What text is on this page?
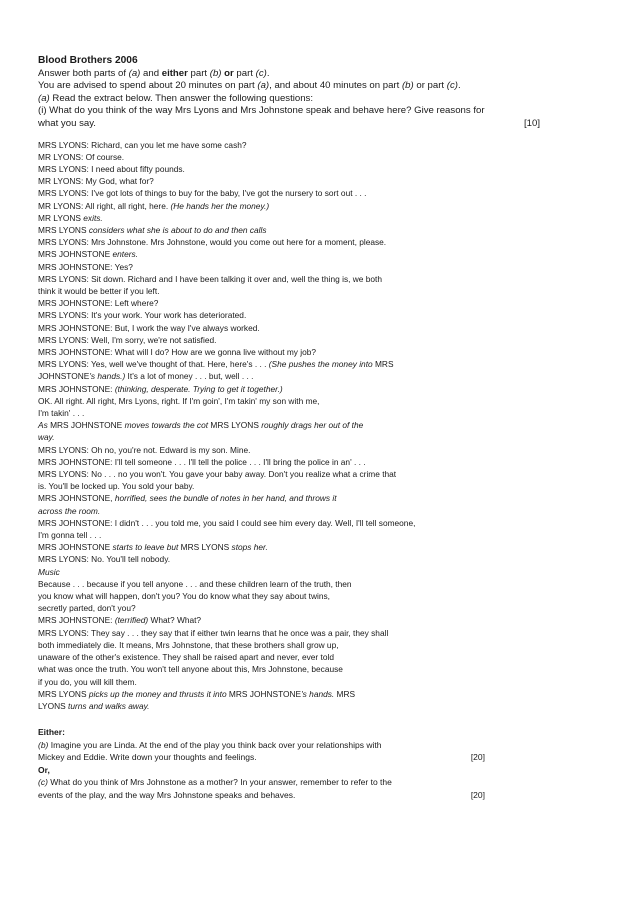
Blood Brothers 2006
Answer both parts of (a) and either part (b) or part (c).
You are advised to spend about 20 minutes on part (a), and about 40 minutes on part (b) or part (c).
(a) Read the extract below. Then answer the following questions:
(i) What do you think of the way Mrs Lyons and Mrs Johnstone speak and behave here? Give reasons for
what you say.	[10]
MRS LYONS: Richard, can you let me have some cash?
MR LYONS: Of course.
MRS LYONS: I need about fifty pounds.
MR LYONS: My God, what for?
MRS LYONS: I've got lots of things to buy for the baby, I've got the nursery to sort out . . .
MR LYONS: All right, all right, here. (He hands her the money.)
MR LYONS exits.
MRS LYONS considers what she is about to do and then calls
MRS LYONS: Mrs Johnstone. Mrs Johnstone, would you come out here for a moment, please.
MRS JOHNSTONE enters.
MRS JOHNSTONE: Yes?
MRS LYONS: Sit down. Richard and I have been talking it over and, well the thing is, we both
think it would be better if you left.
MRS JOHNSTONE: Left where?
MRS LYONS: It's your work. Your work has deteriorated.
MRS JOHNSTONE: But, I work the way I've always worked.
MRS LYONS: Well, I'm sorry, we're not satisfied.
MRS JOHNSTONE: What will I do? How are we gonna live without my job?
MRS LYONS: Yes, well we've thought of that. Here, here's . . . (She pushes the money into MRS
JOHNSTONE's hands.) It's a lot of money . . . but, well . . .
MRS JOHNSTONE: (thinking, desperate. Trying to get it together.)
OK. All right. All right, Mrs Lyons, right. If I'm goin', I'm takin' my son with me,
I'm takin' . . .
As MRS JOHNSTONE moves towards the cot MRS LYONS roughly drags her out of the
way.
MRS LYONS: Oh no, you're not. Edward is my son. Mine.
MRS JOHNSTONE: I'll tell someone . . . I'll tell the police . . . I'll bring the police in an' . . .
MRS LYONS: No . . . no you won't. You gave your baby away. Don't you realize what a crime that
is. You'll be locked up. You sold your baby.
MRS JOHNSTONE, horrified, sees the bundle of notes in her hand, and throws it
across the room.
MRS JOHNSTONE: I didn't . . . you told me, you said I could see him every day. Well, I'll tell someone,
I'm gonna tell . . .
MRS JOHNSTONE starts to leave but MRS LYONS stops her.
MRS LYONS: No. You'll tell nobody.
Music
Because . . . because if you tell anyone . . . and these children learn of the truth, then
you know what will happen, don't you? You do know what they say about twins,
secretly parted, don't you?
MRS JOHNSTONE: (terrified) What? What?
MRS LYONS: They say . . . they say that if either twin learns that he once was a pair, they shall
both immediately die. It means, Mrs Johnstone, that these brothers shall grow up,
unaware of the other's existence. They shall be raised apart and never, ever told
what was once the truth. You won't tell anyone about this, Mrs Johnstone, because
if you do, you will kill them.
MRS LYONS picks up the money and thrusts it into MRS JOHNSTONE's hands. MRS
LYONS turns and walks away.
Either:
(b) Imagine you are Linda. At the end of the play you think back over your relationships with
Mickey and Eddie. Write down your thoughts and feelings.	[20]
Or,
(c) What do you think of Mrs Johnstone as a mother? In your answer, remember to refer to the
events of the play, and the way Mrs Johnstone speaks and behaves.	[20]
